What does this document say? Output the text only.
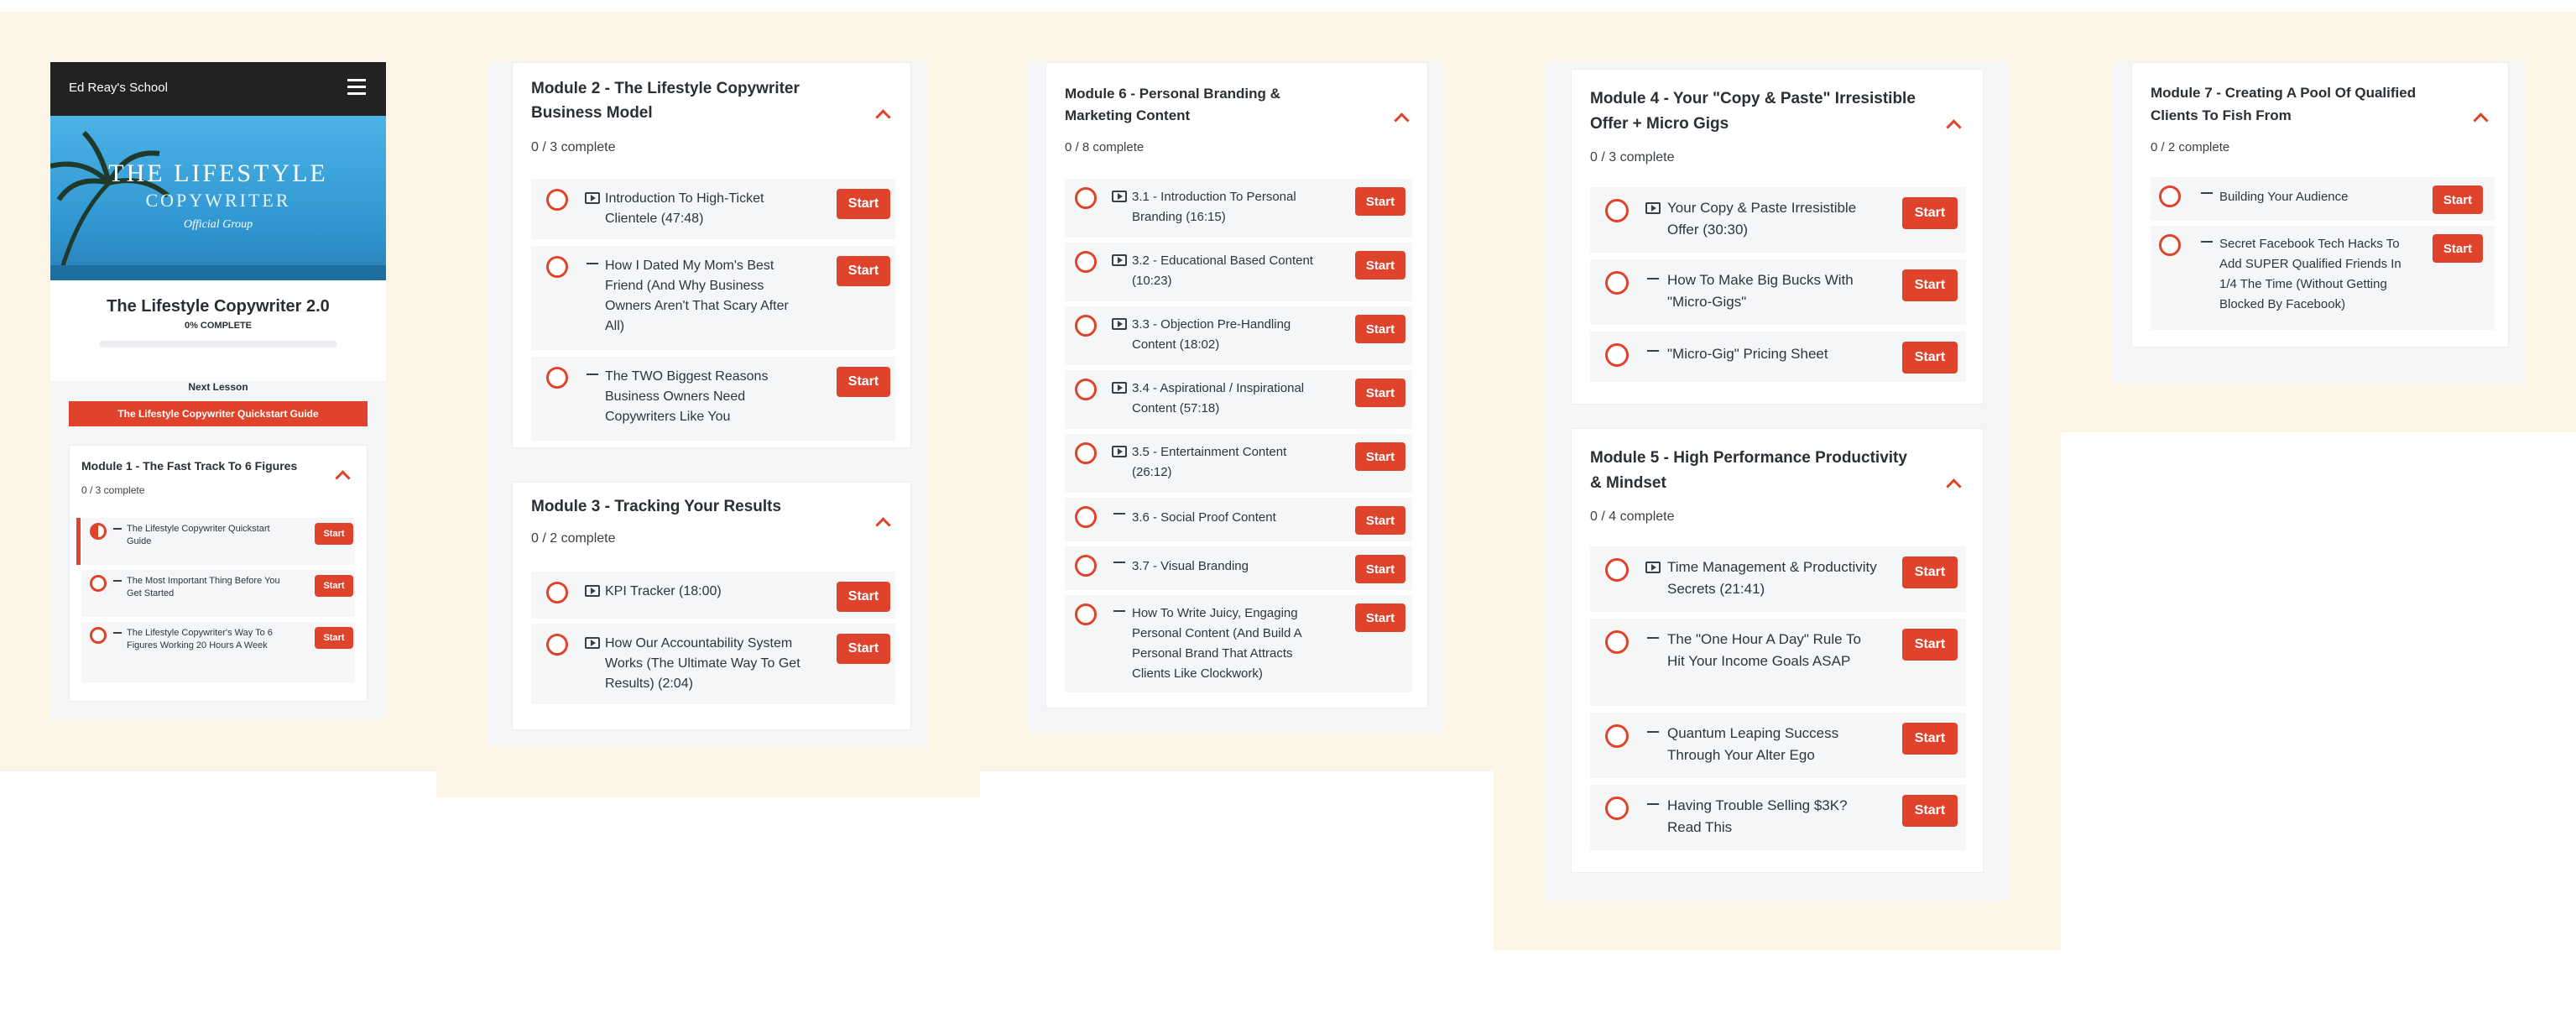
Ed Reay's School
THE LIFESTYLE
COPYWRITER
Official Group
The Lifestyle Copywriter 2.0
0% COMPLETE
Next Lesson
The Lifestyle Copywriter Quickstart Guide
Module 1 - The Fast Track To 6 Figures
0 / 3 complete
The Lifestyle Copywriter Quickstart Guide
Start
The Most Important Thing Before You Get Started
Start
The Lifestyle Copywriter's Way To 6 Figures Working 20 Hours A Week
Start
Module 2 - The Lifestyle Copywriter Business Model
0 / 3 complete
Introduction To High-Ticket Clientele (47:48)
Start
How I Dated My Mom's Best Friend (And Why Business Owners Aren't That Scary After All)
Start
The TWO Biggest Reasons Business Owners Need Copywriters Like You
Start
Module 3 - Tracking Your Results
0 / 2 complete
KPI Tracker (18:00)	Start
How Our Accountability System Works (The Ultimate Way To Get Results) (2:04)
Start
Module 6 - Personal Branding & Marketing Content
0 / 8 complete
3.1 - Introduction To Personal Branding (16:15)
Start
3.2 - Educational Based Content (10:23)
Start
3.3 - Objection Pre-Handling Content (18:02)
Start
3.4 - Aspirational / Inspirational Content (57:18)
Start
3.5 - Entertainment Content (26:12)
Start
3.6 - Social Proof Content	Start
3.7 - Visual Branding	Start
How To Write Juicy, Engaging Personal Content (And Build A Personal Brand That Attracts Clients Like Clockwork)
Start
Module 4 - Your "Copy & Paste" Irresistible Offer + Micro Gigs
0 / 3 complete
Your Copy & Paste Irresistible Offer (30:30)
Start
How To Make Big Bucks With "Micro-Gigs"
Start
"Micro-Gig" Pricing Sheet	Start
Module 5 - High Performance Productivity & Mindset
0 / 4 complete
Time Management & Productivity Secrets (21:41)
Start
The "One Hour A Day" Rule To Hit Your Income Goals ASAP
Start
Quantum Leaping Success Through Your Alter Ego
Start
Having Trouble Selling $3K? Read This
Start
Module 7 - Creating A Pool Of Qualified Clients To Fish From
0 / 2 complete
Building Your Audience	Start
Secret Facebook Tech Hacks To Add SUPER Qualified Friends In 1/4 The Time (Without Getting Blocked By Facebook)
Start
